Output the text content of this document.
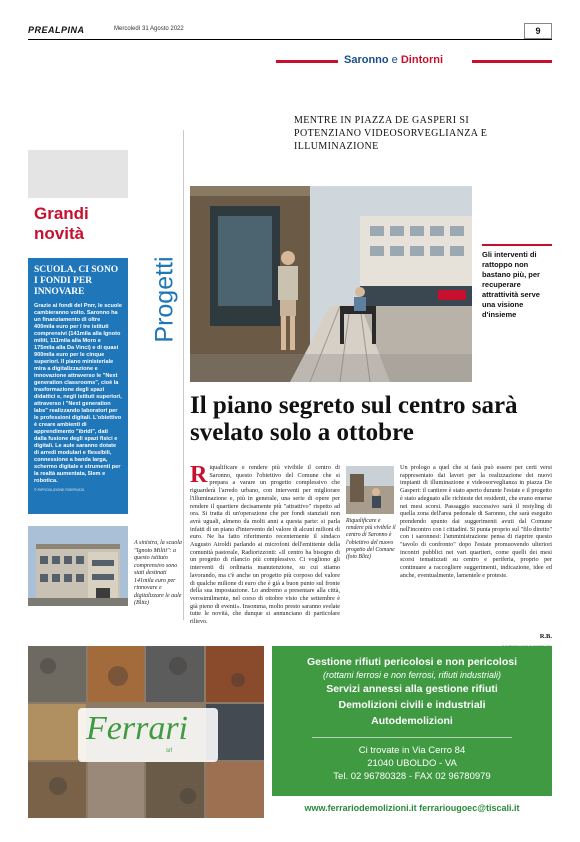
PREALPINA	Mercoledì 31 Agosto 2022	9
Saronno e Dintorni
MENTRE IN PIAZZA DE GASPERI SI POTENZIANO VIDEOSORVEGLIANZA E ILLUMINAZIONE
Grandi novità
SCUOLA, CI SONO I FONDI PER INNOVARE
Grazie ai fondi del Pnrr, le scuole cambieranno volto. Saronno ha un finanziamento di oltre 400mila euro per i tre istituti comprensivi (141mila alla Ignoto militi, 111mila alla Moro e 175mila alla Da Vinci) e di quasi 900mila euro per le cinque superiori. Il piano ministeriale mira a digitalizzazione e innovazione attraverso le "Next generation classrooms", cioè la trasformazione degli spazi didattici e, negli istituti superiori, attraverso i "Next generation labs" realizzando laboratori per le professioni digitali. L'obiettivo è creare ambienti di apprendimento "ibridi", dati dalla fusione degli spazi fisici e digitali. Le aule saranno dotate di arredi modulari e flessibili, connessione a banda larga, schermo digitale e strumenti per la realtà aumentata, 5lem e robotica.
© RIPRODUZIONE RISERVATA
A sinistra, la scuola "Ignoto Militi": a questo istituto comprensivo sono stati destinati 141mila euro per rinnovare e digitalizzare le aule (Blitz)
Progetti
Gli interventi di rattoppo non bastano più, per recuperare attrattività serve una visione d'insieme
Il piano segreto sul centro sarà svelato solo a ottobre
Riqualificare e rendere più vivibile il centro di Saronno, questo l'obiettivo del Comune che si prepara a varare un progetto complessivo che riguarderà l'arredo urbano, con interventi per migliorare l'illuminazione e, più in generale, una serie di opere per rendere il quartiere decisamente più "attrattivo" rispetto ad ora. Si tratta di un'operazione che per fondi stanziati non avrà uguali, almeno da molti anni a questa parte: si parla infatti di un piano d'intervento del valore di alcuni milioni di euro. Ne ha fatto riferimento recentemente il sindaco Augusto Airoldi parlando ai microfoni dell'emittente della comunità pastorale, Radiorizzonti: «Il centro ha bisogno di un progetto di rilancio più complessivo. Ci vogliono gli interventi di ordinaria manutenzione, su cui stiamo lavorando, ma c'è anche un progetto più corposo del valore di qualche milione di euro che è già a buon punto sul fronte della sua impostazione. Lo andremo a presentare alla città, verosimilmente, nel corso di ottobre visto che settembre è già pieno di eventi». Insomma, molto presto saranno svelate tutte le novità, che dunque si annunciano di particolare rilievo.
Riqualificare e rendere più vivibile il centro di Saronno è l'obiettivo del nuovo progetto del Comune (foto Blitz)
Un prologo a quel che si farà può essere per certi versi rappresentato dai lavori per la realizzazione dei nuovi impianti di illuminazione e videosorveglianza in piazza De Gasperi: il cantiere è stato aperto durante l'estate e il progetto è stato adeguato alle richieste dei residenti, che erano emerse nei mesi scorsi. Passaggio successivo sarà il restyling di quella zona dell'area pedonale di Saronno, che sarà eseguito prendendo spunto dai suggerimenti avuti dal Comune nell'incontro con i cittadini. Si punta proprio sul "filo diretto" con i saronnesi: l'amministrazione pensa di riaprire questo "tavolo di confronto" dopo l'estate promuovendo ulteriori incontri pubblici nei vari quartieri, come quelli dei mesi scorsi tematizzati su centro e periferia, proprio per continuare a raccogliere suggerimenti, indicazione, idee ed anche, eventualmente, lamentele e proteste.
R.B.
Ferrari
srl
Gestione rifiuti pericolosi e non pericolosi
(rottami ferrosi e non ferrosi, rifiuti industriali)
Servizi annessi alla gestione rifiuti
Demolizioni civili e industriali
Autodemolizioni
Ci trovate in Via Cerro 84
21040 UBOLDO - VA
Tel. 02 96780328 - FAX 02 96780979
www.ferrariodemolizioni.it ferrariougoec@tiscali.it
